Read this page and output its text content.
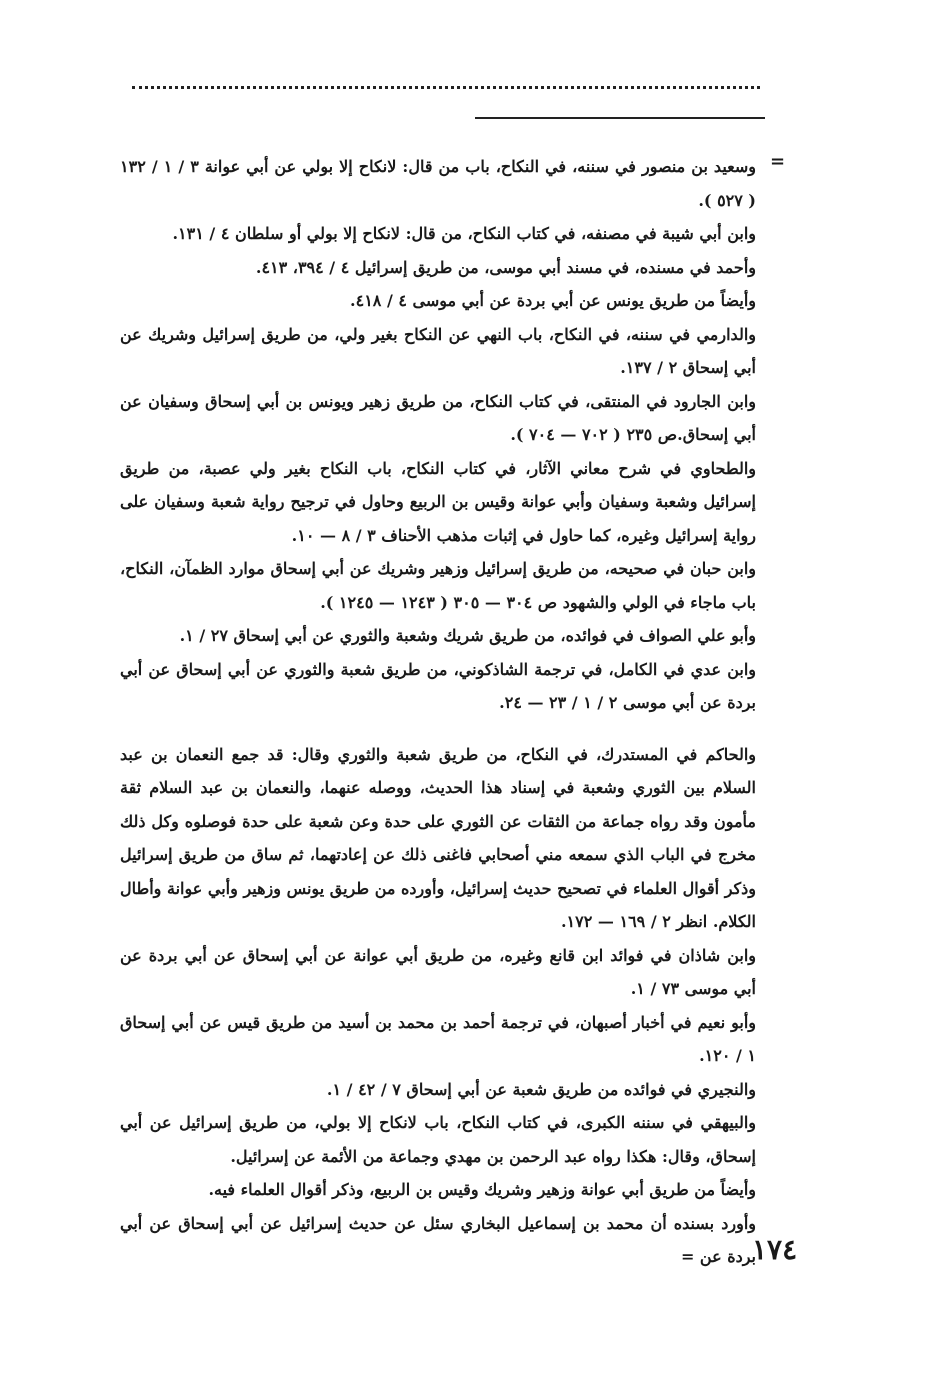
=

وسعيد بن منصور في سننه، في النكاح، باب من قال: لانكاح إلا بولي عن أبي عوانة ٣ / ١ / ١٣٢ ( ٥٢٧ ).

وابن أبي شيبة في مصنفه، في كتاب النكاح، من قال: لانكاح إلا بولي أو سلطان ٤ / ١٣١.

وأحمد في مسنده، في مسند أبي موسى، من طريق إسرائيل ٤ / ٣٩٤، ٤١٣.

وأيضاً من طريق يونس عن أبي بردة عن أبي موسى ٤ / ٤١٨.

والدارمي في سننه، في النكاح، باب النهي عن النكاح بغير ولي، من طريق إسرائيل وشريك عن أبي إسحاق ٢ / ١٣٧.

وابن الجارود في المنتقى، في كتاب النكاح، من طريق زهير ويونس بن أبي إسحاق وسفيان عن أبي إسحاق.ص ٢٣٥ ( ٧٠٢ — ٧٠٤ ).

والطحاوي في شرح معاني الآثار، في كتاب النكاح، باب النكاح بغير ولي عصبة، من طريق إسرائيل وشعبة وسفيان وأبي عوانة وقيس بن الربيع وحاول في ترجيح رواية شعبة وسفيان على رواية إسرائيل وغيره، كما حاول في إثبات مذهب الأحناف ٣ / ٨ — ١٠.

وابن حبان في صحيحه، من طريق إسرائيل وزهير وشريك عن أبي إسحاق موارد الظمآن، النكاح، باب ماجاء في الولي والشهود ص ٣٠٤ — ٣٠٥ ( ١٢٤٣ — ١٢٤٥ ).

وأبو علي الصواف في فوائده، من طريق شريك وشعبة والثوري عن أبي إسحاق ٢٧ / ١.

وابن عدي في الكامل، في ترجمة الشاذكوني، من طريق شعبة والثوري عن أبي إسحاق عن أبي بردة عن أبي موسى ٢ / ١ / ٢٣ — ٢٤.

والحاكم في المستدرك، في النكاح، من طريق شعبة والثوري وقال: قد جمع النعمان بن عبد السلام بين الثوري وشعبة في إسناد هذا الحديث، ووصله عنهما، والنعمان بن عبد السلام ثقة مأمون وقد رواه جماعة من الثقات عن الثوري على حدة وعن شعبة على حدة فوصلوه وكل ذلك مخرج في الباب الذي سمعه مني أصحابي فاغنى ذلك عن إعادتهما، ثم ساق من طريق إسرائيل وذكر أقوال العلماء في تصحيح حديث إسرائيل، وأورده من طريق يونس وزهير وأبي عوانة وأطال الكلام. انظر ٢ / ١٦٩ — ١٧٢.

وابن شاذان في فوائد ابن قانع وغيره، من طريق أبي عوانة عن أبي إسحاق عن أبي بردة عن أبي موسى ٧٣ / ١.

وأبو نعيم في أخبار أصبهان، في ترجمة أحمد بن محمد بن أسيد من طريق قيس عن أبي إسحاق ١ / ١٢٠.

والنجيري في فوائده من طريق شعبة عن أبي إسحاق ٧ / ٤٢ / ١.

والبيهقي في سننه الكبرى، في كتاب النكاح، باب لانكاح إلا بولي، من طريق إسرائيل عن أبي إسحاق، وقال: هكذا رواه عبد الرحمن بن مهدي وجماعة من الأئمة عن إسرائيل.

وأيضاً من طريق أبي عوانة وزهير وشريك وقيس بن الربيع، وذكر أقوال العلماء فيه.

وأورد بسنده أن محمد بن إسماعيل البخاري سئل عن حديث إسرائيل عن أبي إسحاق عن أبي بردة عن =

١٧٤
